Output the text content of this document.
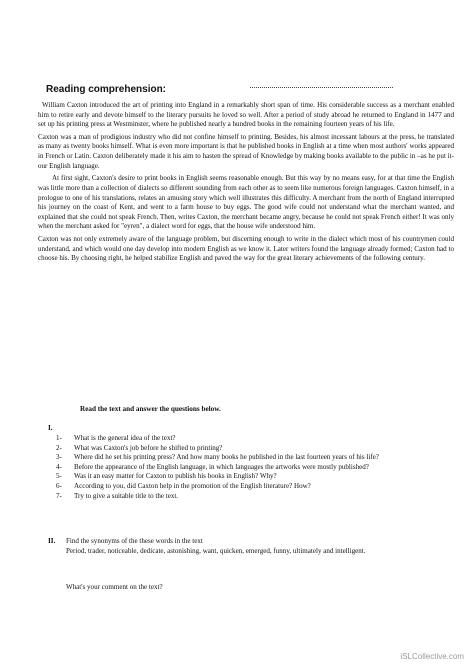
Reading comprehension:

William Caxton introduced the art of printing into England in a remarkably short span of time. His considerable success as a merchant enabled him to retire early and devote himself to the literary pursuits he loved so well. After a period of study abroad he returned to England in 1477 and set up his printing press at Westminster, where he published nearly a hundred books in the remaining fourteen years of his life.

Caxton was a man of prodigious industry who did not confine himself to printing. Besides, his almost incessant labours at the press, he translated as many as twenty books himself. What is even more important is that he published books in English at a time when most authors' works appeared in French or Latin. Caxton deliberately made it his aim to hasten the spread of Knowledge by making books available to the public in –as he put it- our English language.

At first sight, Caxton's desire to print books in English seems reasonable enough. But this way by no means easy, for at that time the English was little more than a collection of dialects so different sounding from each other as to seem like numerous foreign languages. Caxton himself, in a prologue to one of his translations, relates an amusing story which well illustrates this difficulty. A merchant from the north of England interrupted his journey on the coast of Kent, and went to a farm house to buy eggs. The good wife could not understand what the merchant wanted, and explained that she could not speak French. Then, writes Caxton, the merchant became angry, because he could not speak French either! It was only when the merchant asked for "eyren", a dialect word for eggs, that the house wife understood him.

Caxton was not only extremely aware of the language problem, but discerning enough to write in the dialect which most of his countrymen could understand, and which would one day develop into modern English as we know it. Later writers found the language already formed; Caxton had to choose his. By choosing right, he helped stabilize English and paved the way for the great literary achievements of the following century.

Read the text and answer the questions below.
I.
1-	What is the general idea of the text?
2-	What was Caxton's job before he shifted to printing?
3-	Where did he set his printing press? And how many books he published in the last fourteen years of his life?
4-	Before the appearance of the English language, in which languages the artworks were mostly published?
5-	Was it an easy matter for Caxton to publish his books in English? Why?
6-	According to you, did Caxton help in the promotion of the English literature? How?
7-	Try to give a suitable title to the text.
II.	Find the synonyms of the these words in the text
Period, trader, noticeable, dedicate, astonishing, want, quicken, emerged, funny, ultimately and intelligent.
What's your comment on the text?
iSLCollective.com
